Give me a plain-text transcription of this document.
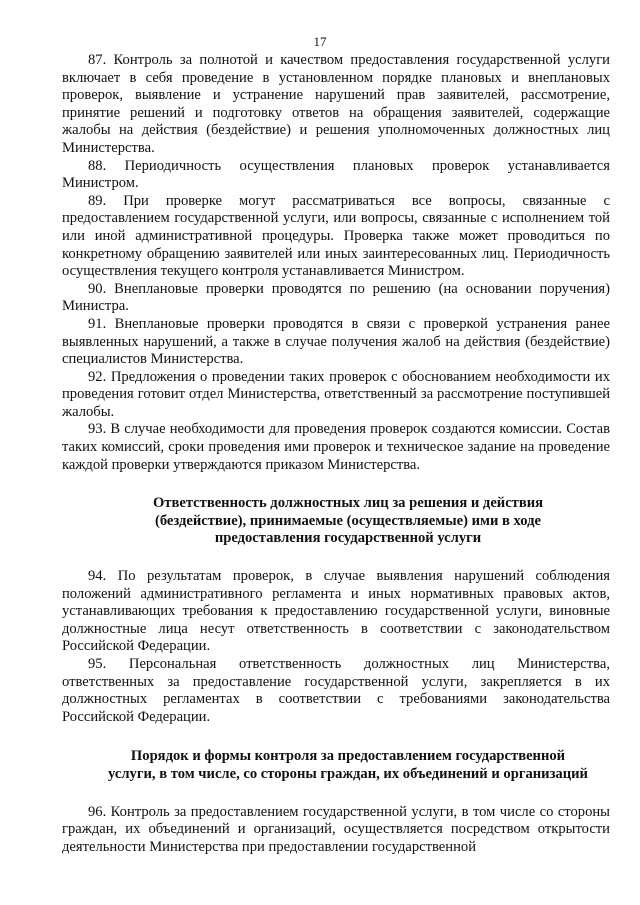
17

87. Контроль за полнотой и качеством предоставления государственной услуги включает в себя проведение в установленном порядке плановых и внеплановых проверок, выявление и устранение нарушений прав заявителей, рассмотрение, принятие решений и подготовку ответов на обращения заявителей, содержащие жалобы на действия (бездействие) и решения уполномоченных должностных лиц Министерства.

88. Периодичность осуществления плановых проверок устанавливается Министром.

89. При проверке могут рассматриваться все вопросы, связанные с предоставлением государственной услуги, или вопросы, связанные с исполнением той или иной административной процедуры. Проверка также может проводиться по конкретному обращению заявителей или иных заинтересованных лиц. Периодичность осуществления текущего контроля устанавливается Министром.

90. Внеплановые проверки проводятся по решению (на основании поручения) Министра.

91. Внеплановые проверки проводятся в связи с проверкой устранения ранее выявленных нарушений, а также в случае получения жалоб на действия (бездействие) специалистов Министерства.

92. Предложения о проведении таких проверок с обоснованием необходимости их проведения готовит отдел Министерства, ответственный за рассмотрение поступившей жалобы.

93. В случае необходимости для проведения проверок создаются комиссии. Состав таких комиссий, сроки проведения ими проверок и техническое задание на проведение каждой проверки утверждаются приказом Министерства.

Ответственность должностных лиц за решения и действия
(бездействие), принимаемые (осуществляемые) ими в ходе
предоставления государственной услуги

94. По результатам проверок, в случае выявления нарушений соблюдения положений административного регламента и иных нормативных правовых актов, устанавливающих требования к предоставлению государственной услуги, виновные должностные лица несут ответственность в соответствии с законодательством Российской Федерации.

95. Персональная ответственность должностных лиц Министерства, ответственных за предоставление государственной услуги, закрепляется в их должностных регламентах в соответствии с требованиями законодательства Российской Федерации.

Порядок и формы контроля за предоставлением государственной
услуги, в том числе, со стороны граждан, их объединений и организаций

96. Контроль за предоставлением государственной услуги, в том числе со стороны граждан, их объединений и организаций, осуществляется посредством открытости деятельности Министерства при предоставлении государственной
